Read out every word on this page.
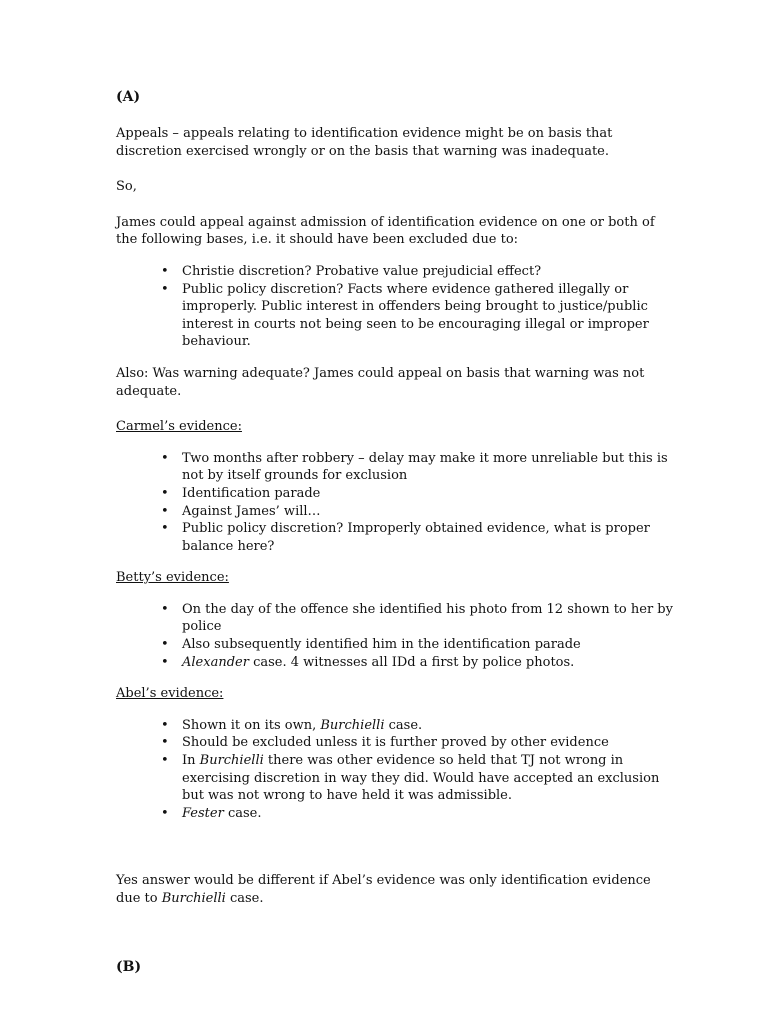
(A)

Appeals – appeals relating to identification evidence might be on basis that discretion exercised wrongly or on the basis that warning was inadequate.

So,

James could appeal against admission of identification evidence on one or both of the following bases, i.e. it should have been excluded due to:

• Christie discretion? Probative value prejudicial effect?
• Public policy discretion? Facts where evidence gathered illegally or improperly. Public interest in offenders being brought to justice/public interest in courts not being seen to be encouraging illegal or improper behaviour.

Also: Was warning adequate? James could appeal on basis that warning was not adequate.

Carmel’s evidence:

• Two months after robbery – delay may make it more unreliable but this is not by itself grounds for exclusion
• Identification parade
• Against James’ will…
• Public policy discretion? Improperly obtained evidence, what is proper balance here?

Betty’s evidence:

• On the day of the offence she identified his photo from 12 shown to her by police
• Also subsequently identified him in the identification parade
• Alexander case. 4 witnesses all IDd a first by police photos.

Abel’s evidence:

• Shown it on its own, Burchielli case.
• Should be excluded unless it is further proved by other evidence
• In Burchielli there was other evidence so held that TJ not wrong in exercising discretion in way they did. Would have accepted an exclusion but was not wrong to have held it was admissible.
• Fester case.

Yes answer would be different if Abel’s evidence was only identification evidence due to Burchielli case.

(B)
